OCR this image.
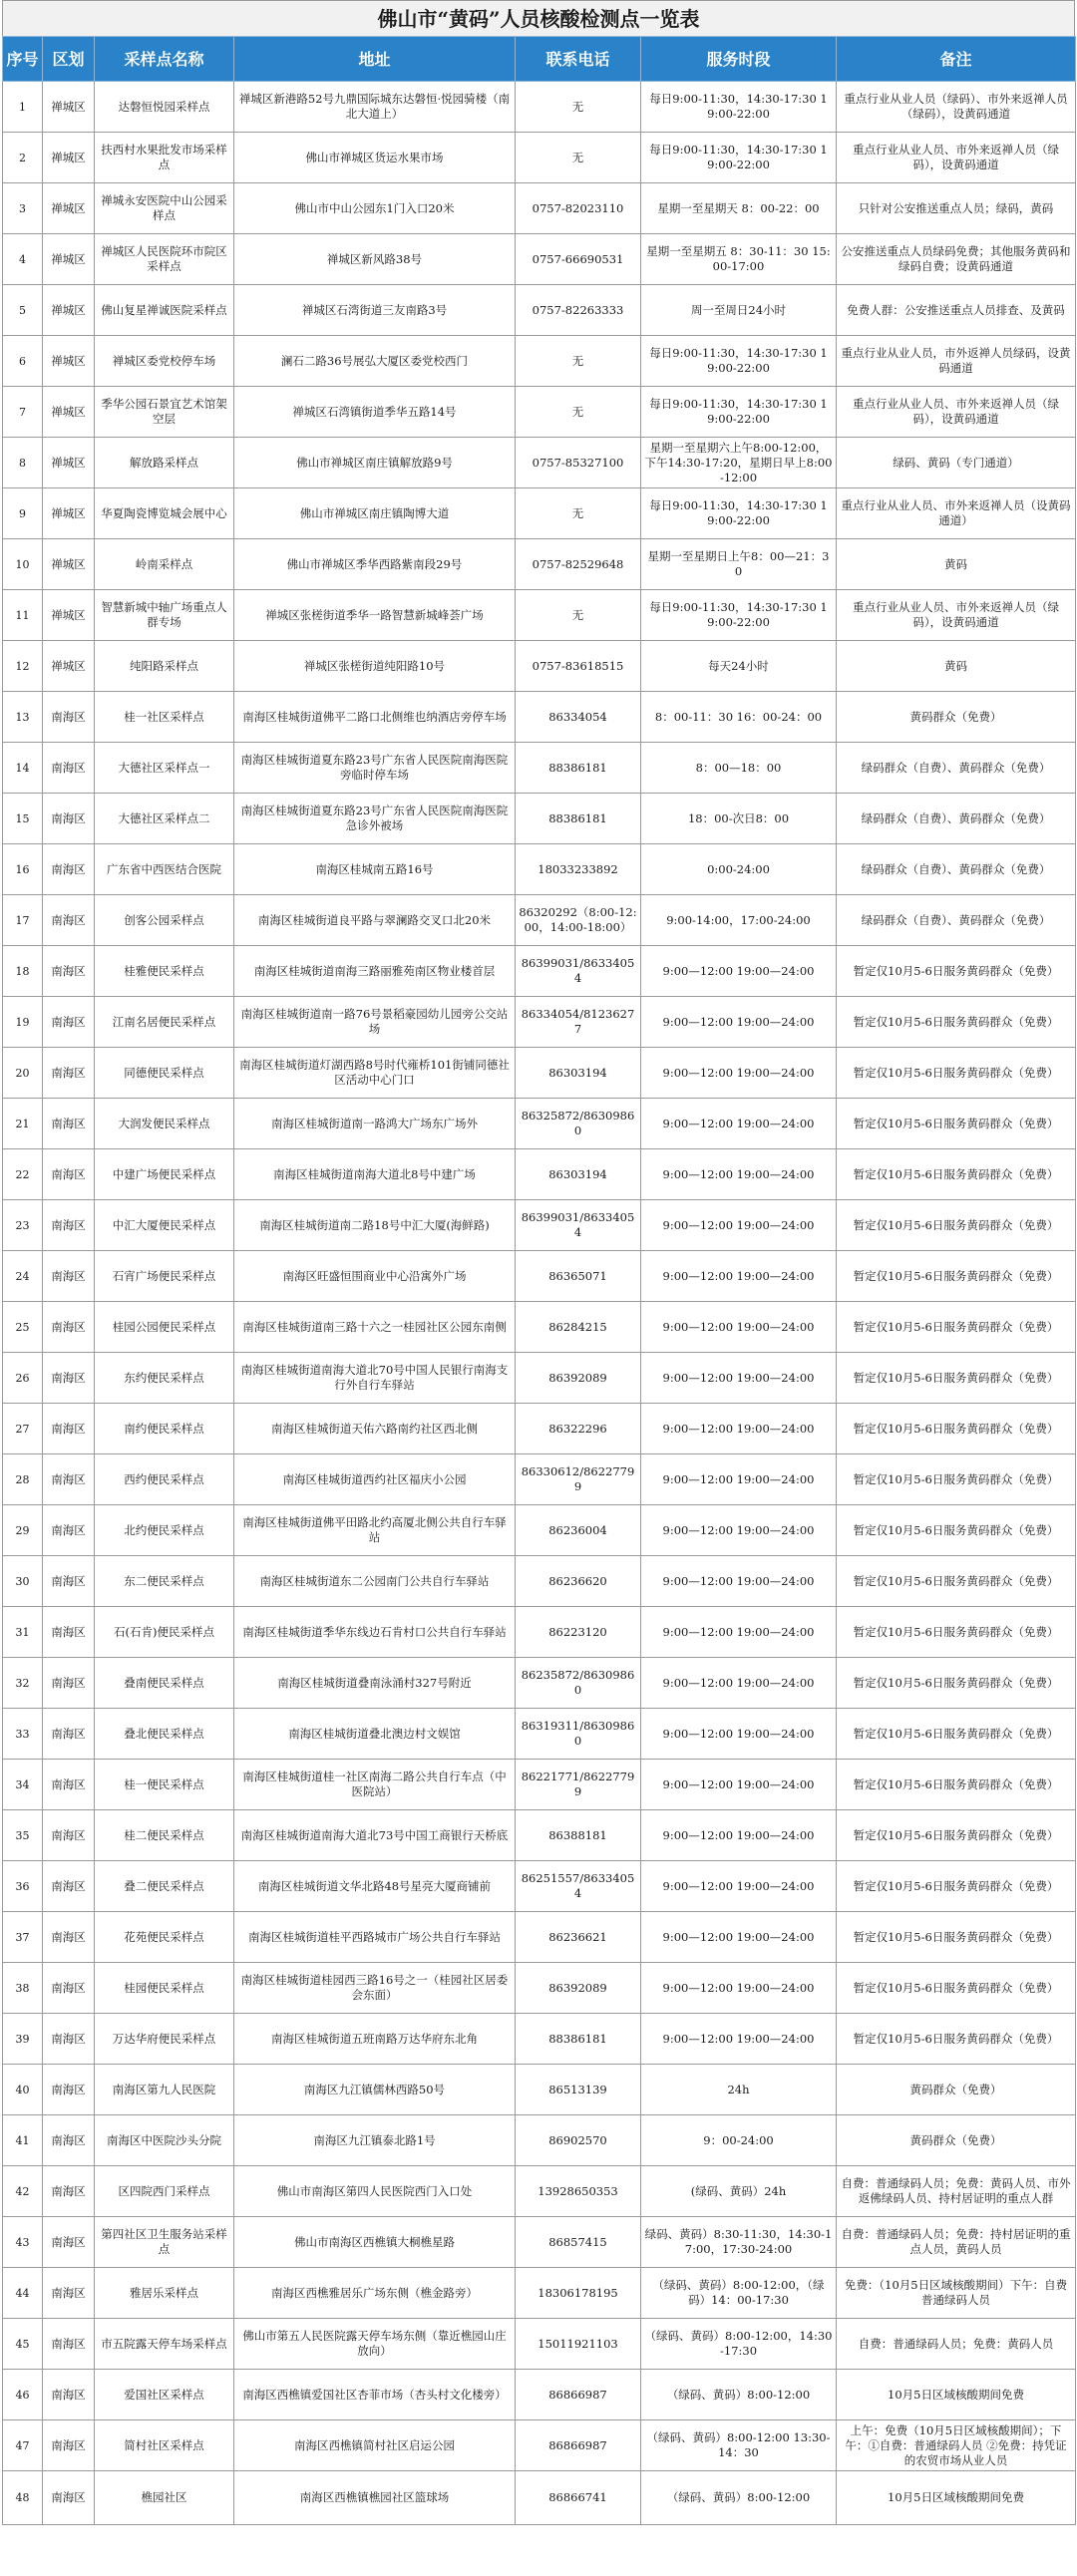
佛山市“黄码”人员核酸检测点一览表
序号	区划	采样点名称	地址	联系电话	服务时段	备注
1	禅城区	达磐恒悦园采样点	禅城区新港路52号九鼎国际城东达磐恒·悦园骑楼（南北大道上）	无	每日9:00-11:30，14:30-17:30 19:00-22:00	重点行业从业人员（绿码）、市外来返禅人员（绿码），设黄码通道
2	禅城区	扶西村水果批发市场采样点	佛山市禅城区货运水果市场	无	每日9:00-11:30，14:30-17:30 19:00-22:00	重点行业从业人员、市外来返禅人员（绿码），设黄码通道
3	禅城区	禅城永安医院中山公园采样点	佛山市中山公园东1门入口20米	0757-82023110	星期一至星期天 8：00-22：00	只针对公安推送重点人员；绿码，黄码
4	禅城区	禅城区人民医院环市院区采样点	禅城区新风路38号	0757-66690531	星期一至星期五 8：30-11：30 15:00-17:00	公安推送重点人员绿码免费；其他服务黄码和绿码自费；设黄码通道
5	禅城区	佛山复星禅诚医院采样点	禅城区石湾街道三友南路3号	0757-82263333	周一至周日24小时	免费人群：公安推送重点人员排查、及黄码
6	禅城区	禅城区委党校停车场	澜石二路36号展弘大厦区委党校西门	无	每日9:00-11:30，14:30-17:30 19:00-22:00	重点行业从业人员，市外返禅人员绿码，设黄码通道
7	禅城区	季华公园石景宜艺术馆架空层	禅城区石湾镇街道季华五路14号	无	每日9:00-11:30，14:30-17:30 19:00-22:00	重点行业从业人员、市外来返禅人员（绿码），设黄码通道
8	禅城区	解放路采样点	佛山市禅城区南庄镇解放路9号	0757-85327100	星期一至星期六上午8:00-12:00，下午14:30-17:20，星期日早上8:00-12:00	绿码、黄码（专门通道）
9	禅城区	华夏陶瓷博览城会展中心	佛山市禅城区南庄镇陶博大道	无	每日9:00-11:30，14:30-17:30 19:00-22:00	重点行业从业人员、市外来返禅人员（设黄码通道）
10	禅城区	岭南采样点	佛山市禅城区季华西路紫南段29号	0757-82529648	星期一至星期日上午8：00—21：30	黄码
11	禅城区	智慧新城中轴广场重点人群专场	禅城区张槎街道季华一路智慧新城峰荟广场	无	每日9:00-11:30，14:30-17:30 19:00-22:00	重点行业从业人员、市外来返禅人员（绿码），设黄码通道
12	禅城区	纯阳路采样点	禅城区张槎街道纯阳路10号	0757-83618515	每天24小时	黄码
13	南海区	桂一社区采样点	南海区桂城街道佛平二路口北侧维也纳酒店旁停车场	86334054	8：00-11：30 16：00-24：00	黄码群众（免费）
14	南海区	大德社区采样点一	南海区桂城街道夏东路23号广东省人民医院南海医院旁临时停车场	88386181	8：00—18：00	绿码群众（自费）、黄码群众（免费）
15	南海区	大德社区采样点二	南海区桂城街道夏东路23号广东省人民医院南海医院急诊外被场	88386181	18：00-次日8：00	绿码群众（自费）、黄码群众（免费）
16	南海区	广东省中西医结合医院	南海区桂城南五路16号	18033233892	0:00-24:00	绿码群众（自费）、黄码群众（免费）
17	南海区	创客公园采样点	南海区桂城街道良平路与翠澜路交叉口北20米	86320292（8:00-12:00，14:00-18:00）	9:00-14:00，17:00-24:00	绿码群众（自费）、黄码群众（免费）
18	南海区	桂雅便民采样点	南海区桂城街道南海三路丽雅苑南区物业楼首层	86399031/86334054	9:00—12:00 19:00—24:00	暂定仅10月5-6日服务黄码群众（免费）
19	南海区	江南名居便民采样点	南海区桂城街道南一路76号景稻豪园幼儿园旁公交站场	86334054/81236277	9:00—12:00 19:00—24:00	暂定仅10月5-6日服务黄码群众（免费）
20	南海区	同德便民采样点	南海区桂城街道灯湖西路8号时代雍桥101街铺同德社区活动中心门口	86303194	9:00—12:00 19:00—24:00	暂定仅10月5-6日服务黄码群众（免费）
21	南海区	大润发便民采样点	南海区桂城街道南一路鸿大广场东广场外	86325872/86309860	9:00—12:00 19:00—24:00	暂定仅10月5-6日服务黄码群众（免费）
22	南海区	中建广场便民采样点	南海区桂城街道南海大道北8号中建广场	86303194	9:00—12:00 19:00—24:00	暂定仅10月5-6日服务黄码群众（免费）
23	南海区	中汇大厦便民采样点	南海区桂城街道南二路18号中汇大厦(海鲜路)	86399031/86334054	9:00—12:00 19:00—24:00	暂定仅10月5-6日服务黄码群众（免费）
24	南海区	石宵广场便民采样点	南海区旺盛恒围商业中心沿寓外广场	86365071	9:00—12:00 19:00—24:00	暂定仅10月5-6日服务黄码群众（免费）
25	南海区	桂园公园便民采样点	南海区桂城街道南三路十六之一桂园社区公园东南侧	86284215	9:00—12:00 19:00—24:00	暂定仅10月5-6日服务黄码群众（免费）
26	南海区	东约便民采样点	南海区桂城街道南海大道北70号中国人民银行南海支行外自行车驿站	86392089	9:00—12:00 19:00—24:00	暂定仅10月5-6日服务黄码群众（免费）
27	南海区	南约便民采样点	南海区桂城街道天佑六路南约社区西北侧	86322296	9:00—12:00 19:00—24:00	暂定仅10月5-6日服务黄码群众（免费）
28	南海区	西约便民采样点	南海区桂城街道西约社区福庆小公园	86330612/86227799	9:00—12:00 19:00—24:00	暂定仅10月5-6日服务黄码群众（免费）
29	南海区	北约便民采样点	南海区桂城街道佛平田路北约高厦北侧公共自行车驿站	86236004	9:00—12:00 19:00—24:00	暂定仅10月5-6日服务黄码群众（免费）
30	南海区	东二便民采样点	南海区桂城街道东二公园南门公共自行车驿站	86236620	9:00—12:00 19:00—24:00	暂定仅10月5-6日服务黄码群众（免费）
31	南海区	石(石肯)便民采样点	南海区桂城街道季华东线边石肯村口公共自行车驿站	86223120	9:00—12:00 19:00—24:00	暂定仅10月5-6日服务黄码群众（免费）
32	南海区	叠南便民采样点	南海区桂城街道叠南泳涌村327号附近	86235872/86309860	9:00—12:00 19:00—24:00	暂定仅10月5-6日服务黄码群众（免费）
33	南海区	叠北便民采样点	南海区桂城街道叠北澳边村文娱馆	86319311/86309860	9:00—12:00 19:00—24:00	暂定仅10月5-6日服务黄码群众（免费）
34	南海区	桂一便民采样点	南海区桂城街道桂一社区南海二路公共自行车点（中医院站）	86221771/86227799	9:00—12:00 19:00—24:00	暂定仅10月5-6日服务黄码群众（免费）
35	南海区	桂二便民采样点	南海区桂城街道南海大道北73号中国工商银行天桥底	86388181	9:00—12:00 19:00—24:00	暂定仅10月5-6日服务黄码群众（免费）
36	南海区	叠二便民采样点	南海区桂城街道文华北路48号星亮大厦商铺前	86251557/86334054	9:00—12:00 19:00—24:00	暂定仅10月5-6日服务黄码群众（免费）
37	南海区	花苑便民采样点	南海区桂城街道桂平西路城市广场公共自行车驿站	86236621	9:00—12:00 19:00—24:00	暂定仅10月5-6日服务黄码群众（免费）
38	南海区	桂园便民采样点	南海区桂城街道桂园西三路16号之一（桂园社区居委会东面）	86392089	9:00—12:00 19:00—24:00	暂定仅10月5-6日服务黄码群众（免费）
39	南海区	万达华府便民采样点	南海区桂城街道五班南路万达华府东北角	88386181	9:00—12:00 19:00—24:00	暂定仅10月5-6日服务黄码群众（免费）
40	南海区	南海区第九人民医院	南海区九江镇儒林西路50号	86513139	24h	黄码群众（免费）
41	南海区	南海区中医院沙头分院	南海区九江镇泰北路1号	86902570	9：00-24:00	黄码群众（免费）
42	南海区	区四院西门采样点	佛山市南海区第四人民医院西门入口处	13928650353	(绿码、黄码）24h	自费：普通绿码人员；免费：黄码人员、市外返佛绿码人员、持村居证明的重点人群
43	南海区	第四社区卫生服务站采样点	佛山市南海区西樵镇大桐樵星路	86857415	绿码、黄码）8:30-11:30，14:30-17:00，17:30-24:00	自费：普通绿码人员；免费：持村居证明的重点人员，黄码人员
44	南海区	雅居乐采样点	南海区西樵雅居乐广场东侧（樵金路旁）	18306178195	（绿码、黄码）8:00-12:00，（绿码）14：00-17:30	免费：（10月5日区域核酸期间）下午：自费普通绿码人员
45	南海区	市五院露天停车场采样点	佛山市第五人民医院露天停车场东侧（靠近樵园山庄放向）	15011921103	（绿码、黄码）8:00-12:00，14:30-17:30	自费：普通绿码人员；免费：黄码人员
46	南海区	爱国社区采样点	南海区西樵镇爱国社区杏菲市场（杏头村文化楼旁）	86866987	（绿码、黄码）8:00-12:00	10月5日区域核酸期间免费
47	南海区	简村社区采样点	南海区西樵镇简村社区启运公园	86866987	（绿码、黄码）8:00-12:00 13:30-14：30	上午：免费（10月5日区域核酸期间）；下午：①自费：普通绿码人员 ②免费：持凭证的农贸市场从业人员
48	南海区	樵园社区	南海区西樵镇樵园社区篮球场	86866741	（绿码、黄码）8:00-12:00	10月5日区域核酸期间免费
